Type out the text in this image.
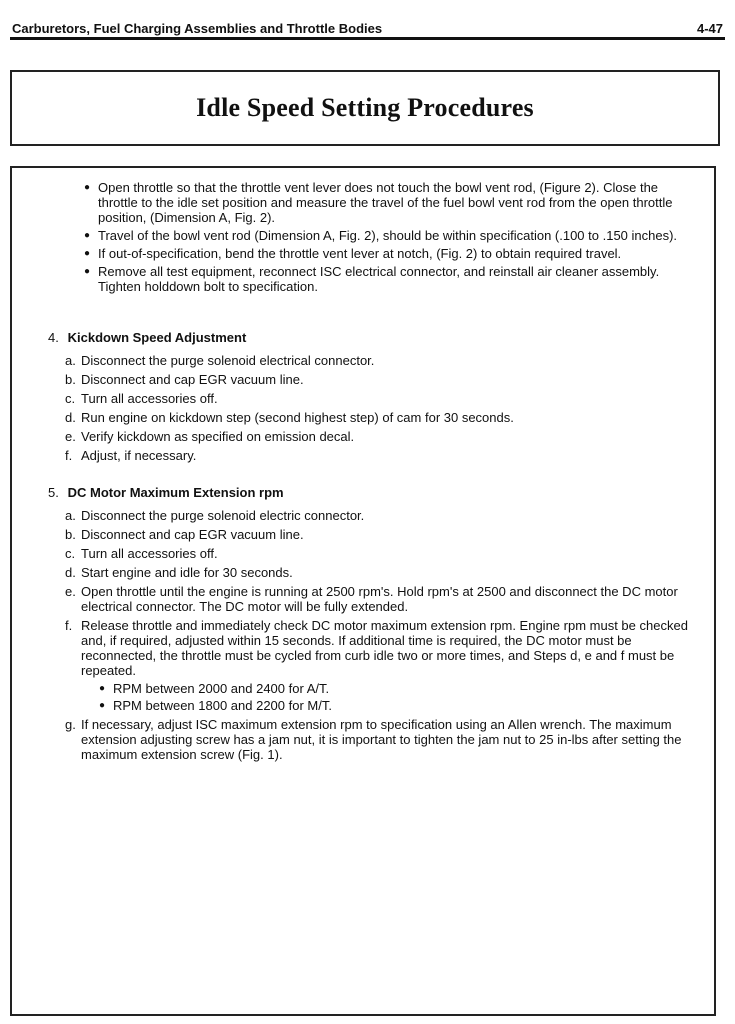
Carburetors, Fuel Charging Assemblies and Throttle Bodies	4-47
Idle Speed Setting Procedures
● Open throttle so that the throttle vent lever does not touch the bowl vent rod, (Figure 2). Close the throttle to the idle set position and measure the travel of the fuel bowl vent rod from the open throttle position, (Dimension A, Fig. 2).
● Travel of the bowl vent rod (Dimension A, Fig. 2), should be within specification (.100 to .150 inches).
● If out-of-specification, bend the throttle vent lever at notch, (Fig. 2) to obtain required travel.
● Remove all test equipment, reconnect ISC electrical connector, and reinstall air cleaner assembly. Tighten holddown bolt to specification.
4. Kickdown Speed Adjustment
a. Disconnect the purge solenoid electrical connector.
b. Disconnect and cap EGR vacuum line.
c. Turn all accessories off.
d. Run engine on kickdown step (second highest step) of cam for 30 seconds.
e. Verify kickdown as specified on emission decal.
f. Adjust, if necessary.
5. DC Motor Maximum Extension rpm
a. Disconnect the purge solenoid electric connector.
b. Disconnect and cap EGR vacuum line.
c. Turn all accessories off.
d. Start engine and idle for 30 seconds.
e. Open throttle until the engine is running at 2500 rpm's. Hold rpm's at 2500 and disconnect the DC motor electrical connector. The DC motor will be fully extended.
f. Release throttle and immediately check DC motor maximum extension rpm. Engine rpm must be checked and, if required, adjusted within 15 seconds. If additional time is required, the DC motor must be reconnected, the throttle must be cycled from curb idle two or more times, and Steps d, e and f must be repeated.
● RPM between 2000 and 2400 for A/T.
● RPM between 1800 and 2200 for M/T.
g. If necessary, adjust ISC maximum extension rpm to specification using an Allen wrench. The maximum extension adjusting screw has a jam nut, it is important to tighten the jam nut to 25 in-lbs after setting the maximum extension screw (Fig. 1).
